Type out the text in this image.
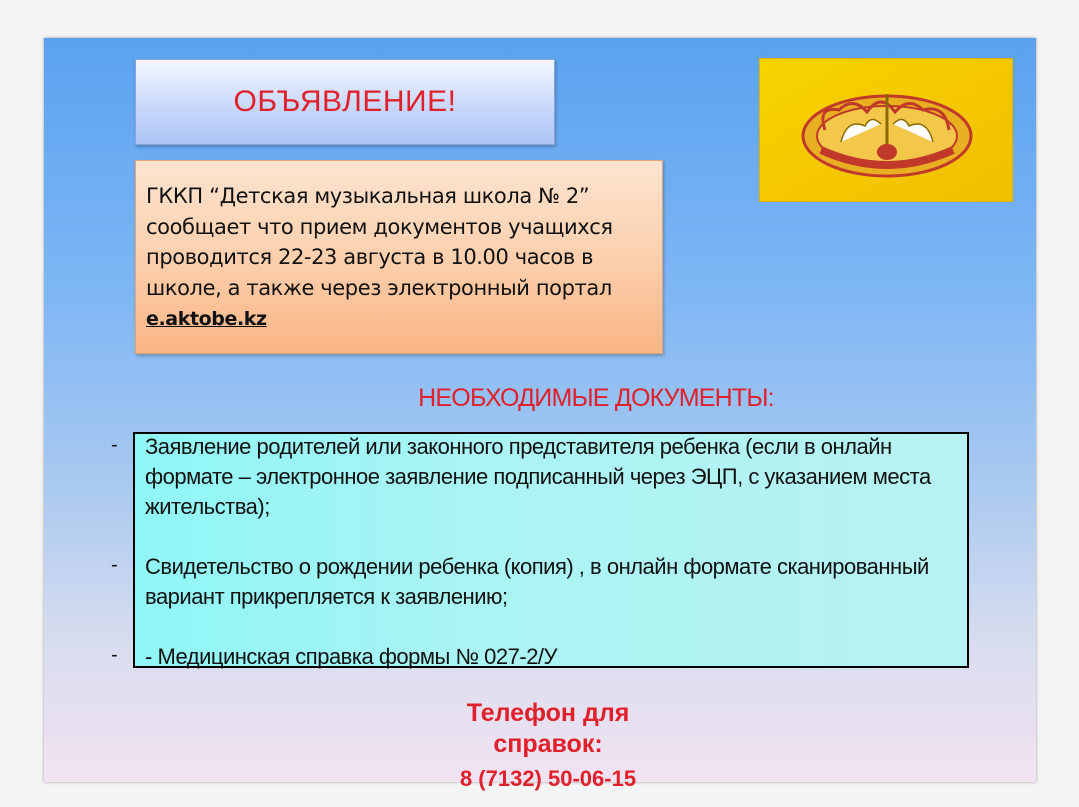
ОБЪЯВЛЕНИЕ!

ГККП “Детская музыкальная школа № 2” сообщает что прием документов учащихся проводится 22-23 августа в 10.00 часов в школе, а также через электронный портал e.aktobe.kz

НЕОБХОДИМЫЕ ДОКУМЕНТЫ:
-
-
-
Заявление родителей или законного представителя ребенка (если в онлайн формате – электронное заявление подписанный через ЭЦП, с указанием места жительства);
Свидетельство о рождении ребенка (копия) , в онлайн формате сканированный вариант прикрепляется к заявлению;
- Медицинская справка формы № 027-2/У
Телефон для справок:
8 (7132) 50-06-15
